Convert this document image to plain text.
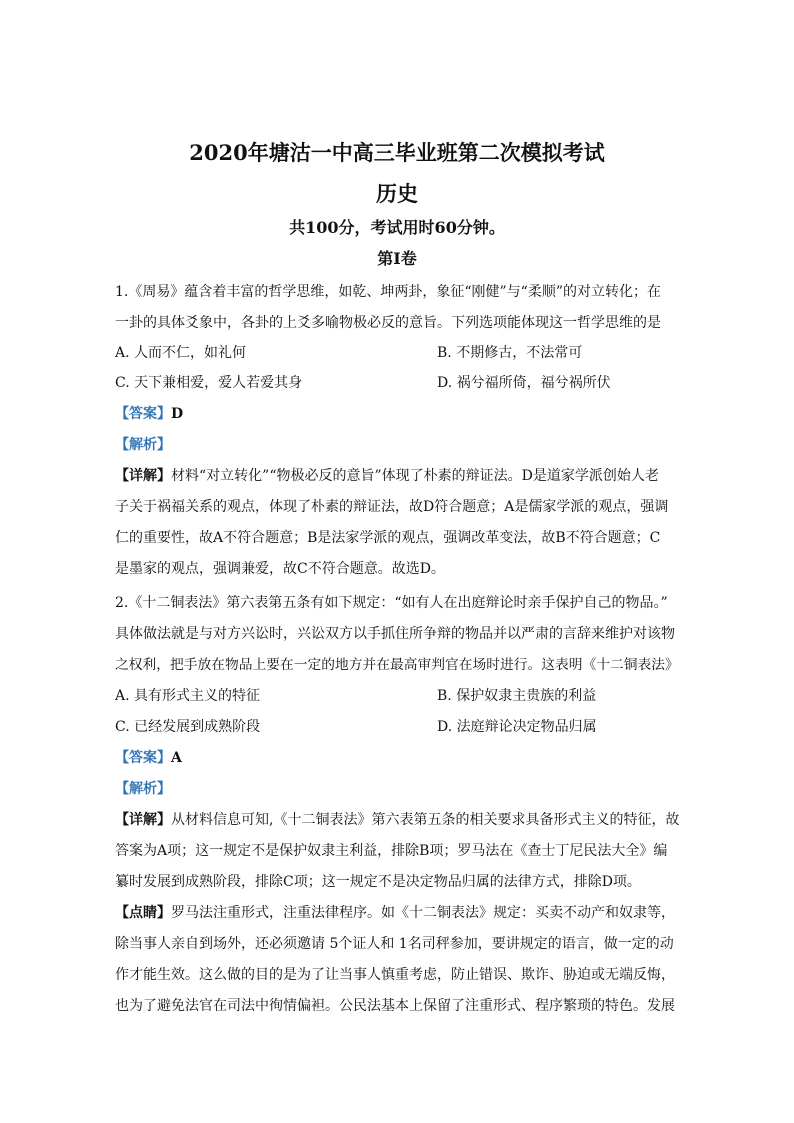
2020年塘沽一中高三毕业班第二次模拟考试
历史
共100分，考试用时60分钟。
第Ⅰ卷
1.《周易》蕴含着丰富的哲学思维，如乾、坤两卦，象征“刚健”与“柔顺”的对立转化；在
一卦的具体爻象中，各卦的上爻多喻物极必反的意旨。下列选项能体现这一哲学思维的是
A. 人而不仁，如礼何	B. 不期修古，不法常可
C. 天下兼相爱，爱人若爱其身	D. 祸兮福所倚，福兮祸所伏
【答案】D
【解析】
【详解】材料“对立转化”“物极必反的意旨”体现了朴素的辩证法。D是道家学派创始人老
子关于祸福关系的观点，体现了朴素的辩证法，故D符合题意；A是儒家学派的观点，强调
仁的重要性，故A不符合题意；B是法家学派的观点，强调改革变法，故B不符合题意；C
是墨家的观点，强调兼爱，故C不符合题意。故选D。
2.《十二铜表法》第六表第五条有如下规定：“如有人在出庭辩论时亲手保护自己的物品。”
具体做法就是与对方兴讼时，兴讼双方以手抓住所争辩的物品并以严肃的言辞来维护对该物
之权利，把手放在物品上要在一定的地方并在最高审判官在场时进行。这表明《十二铜表法》
A. 具有形式主义的特征	B. 保护奴隶主贵族的利益
C. 已经发展到成熟阶段	D. 法庭辩论决定物品归属
【答案】A
【解析】
【详解】从材料信息可知,《十二铜表法》第六表第五条的相关要求具备形式主义的特征，故
答案为A项；这一规定不是保护奴隶主利益，排除B项；罗马法在《查士丁尼民法大全》编
纂时发展到成熟阶段，排除C项；这一规定不是决定物品归属的法律方式，排除D项。
【点睛】罗马法注重形式，注重法律程序。如《十二铜表法》规定：买卖不动产和奴隶等，
除当事人亲自到场外，还必须邀请 5个证人和 1名司秤参加，要讲规定的语言，做一定的动
作才能生效。这么做的目的是为了让当事人慎重考虑，防止错误、欺诈、胁迫或无端反悔，
也为了避免法官在司法中徇情偏袒。公民法基本上保留了注重形式、程序繁琐的特色。发展
